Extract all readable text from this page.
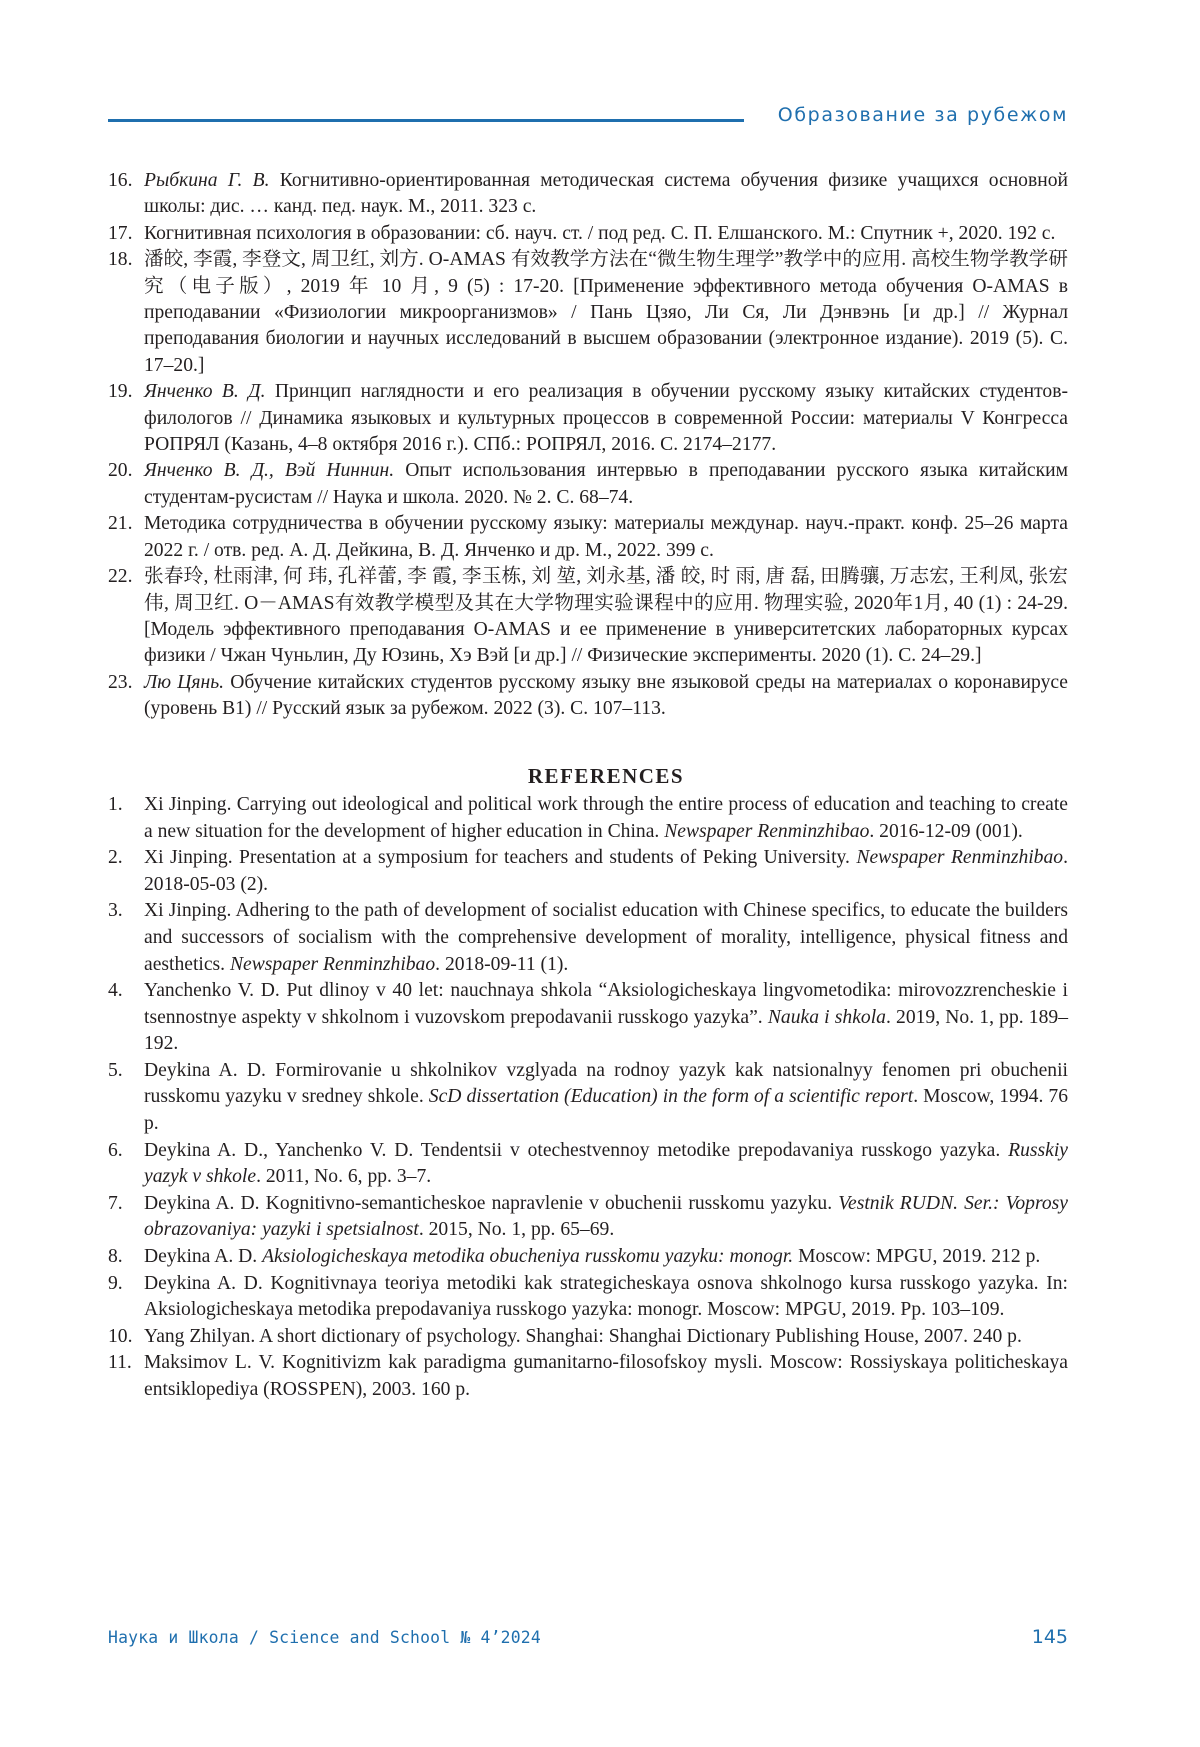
Образование за рубежом
16. Рыбкина Г. В. Когнитивно-ориентированная методическая система обучения физике учащихся основной школы: дис. … канд. пед. наук. М., 2011. 323 с.
17. Когнитивная психология в образовании: сб. науч. ст. / под ред. С. П. Елшанского. М.: Спутник +, 2020. 192 с.
18. 潘皎, 李霞, 李登文, 周卫红, 刘方. O-AMAS 有效教学方法在“微生物生理学”教学中的应用. 高校生物学教学研究（电子版）, 2019 年 10 月, 9 (5) : 17-20. [Применение эффективного метода обучения O-AMAS в преподавании «Физиологии микроорганизмов» / Пань Цзяо, Ли Ся, Ли Дэнвэнь [и др.] // Журнал преподавания биологии и научных исследований в высшем образовании (электронное издание). 2019 (5). С. 17–20.]
19. Янченко В. Д. Принцип наглядности и его реализация в обучении русскому языку китайских студентов-филологов // Динамика языковых и культурных процессов в современной России: материалы V Конгресса РОПРЯЛ (Казань, 4–8 октября 2016 г.). СПб.: РОПРЯЛ, 2016. С. 2174–2177.
20. Янченко В. Д., Вэй Ниннин. Опыт использования интервью в преподавании русского языка китайским студентам-русистам // Наука и школа. 2020. № 2. С. 68–74.
21. Методика сотрудничества в обучении русскому языку: материалы междунар. науч.-практ. конф. 25–26 марта 2022 г. / отв. ред. А. Д. Дейкина, В. Д. Янченко и др. М., 2022. 399 с.
22. 张春玲, 杜雨津, 何 玮, 孔祥蕾, 李 霞, 李玉栋, 刘 堃, 刘永基, 潘 皎, 时 雨, 唐 磊, 田腾骧, 万志宏, 王利凤, 张宏伟, 周卫红. O－AMAS有效教学模型及其在大学物理实验课程中的应用. 物理实验, 2020年1月, 40 (1) : 24-29. [Модель эффективного преподавания O-AMAS и ее применение в университетских лабораторных курсах физики / Чжан Чуньлин, Ду Юзинь, Хэ Вэй [и др.] // Физические эксперименты. 2020 (1). С. 24–29.]
23. Лю Цянь. Обучение китайских студентов русскому языку вне языковой среды на материалах о коронавирусе (уровень В1) // Русский язык за рубежом. 2022 (3). С. 107–113.
REFERENCES
1.	Xi Jinping. Carrying out ideological and political work through the entire process of education and teaching to create a new situation for the development of higher education in China. Newspaper Renminzhibao. 2016-12-09 (001).
2.	Xi Jinping. Presentation at a symposium for teachers and students of Peking University. Newspaper Renminzhibao. 2018-05-03 (2).
3.	Xi Jinping. Adhering to the path of development of socialist education with Chinese specifics, to educate the builders and successors of socialism with the comprehensive development of morality, intelligence, physical fitness and aesthetics. Newspaper Renminzhibao. 2018-09-11 (1).
4.	Yanchenko V. D. Put dlinoy v 40 let: nauchnaya shkola “Aksiologicheskaya lingvometodika: mirovozzrencheskie i tsennostnye aspekty v shkolnom i vuzovskom prepodavanii russkogo yazyka”. Nauka i shkola. 2019, No. 1, pp. 189–192.
5.	Deykina A. D. Formirovanie u shkolnikov vzglyada na rodnoy yazyk kak natsionalnyy fenomen pri obuchenii russkomu yazyku v sredney shkole. ScD dissertation (Education) in the form of a scientific report. Moscow, 1994. 76 p.
6.	Deykina A. D., Yanchenko V. D. Tendentsii v otechestvennoy metodike prepodavaniya russkogo yazyka. Russkiy yazyk v shkole. 2011, No. 6, pp. 3–7.
7.	Deykina A. D. Kognitivno-semanticheskoe napravlenie v obuchenii russkomu yazyku. Vestnik RUDN. Ser.: Voprosy obrazovaniya: yazyki i spetsialnost. 2015, No. 1, pp. 65–69.
8.	Deykina A. D. Aksiologicheskaya metodika obucheniya russkomu yazyku: monogr. Moscow: MPGU, 2019. 212 p.
9.	Deykina A. D. Kognitivnaya teoriya metodiki kak strategicheskaya osnova shkolnogo kursa russkogo yazyka. In: Aksiologicheskaya metodika prepodavaniya russkogo yazyka: monogr. Moscow: MPGU, 2019. Pp. 103–109.
10. Yang Zhilyan. A short dictionary of psychology. Shanghai: Shanghai Dictionary Publishing House, 2007. 240 p.
11. Maksimov L. V. Kognitivizm kak paradigma gumanitarno-filosofskoy mysli. Moscow: Rossiyskaya politicheskaya entsiklopediya (ROSSPEN), 2003. 160 p.
Наука и Школа / Science and School № 4’2024	145
